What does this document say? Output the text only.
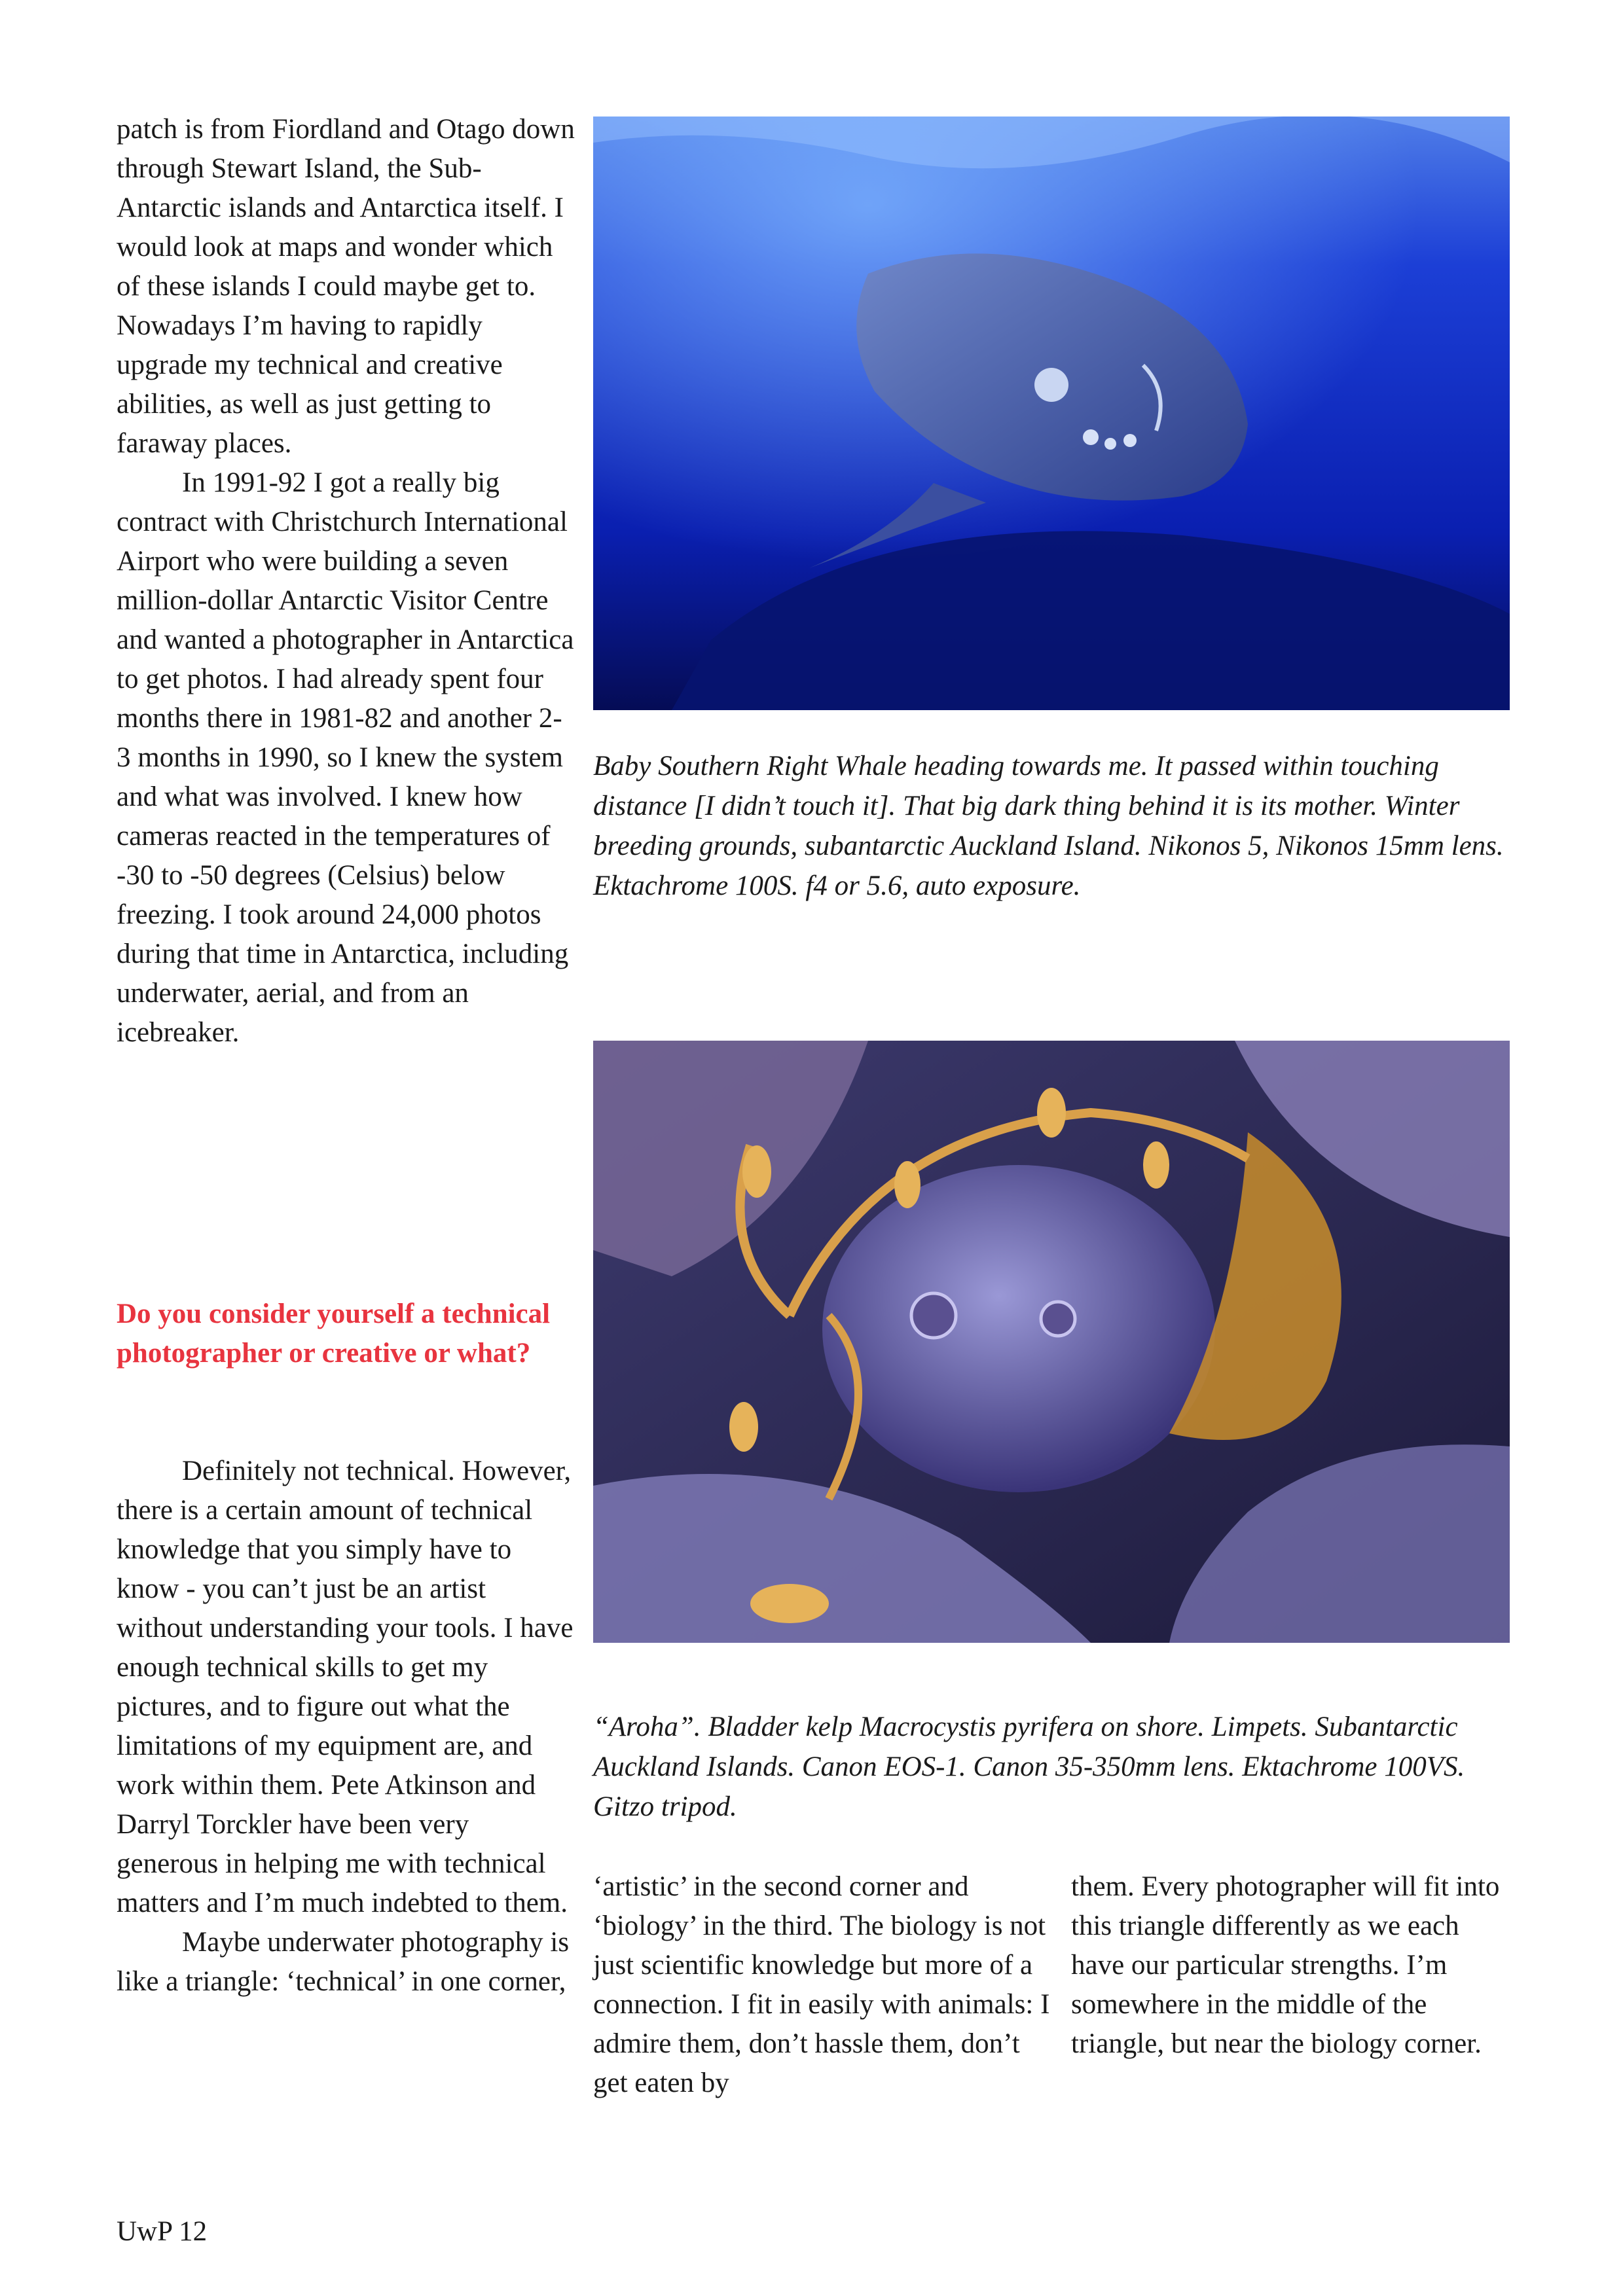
patch is from Fiordland and Otago down through Stewart Island, the Sub-Antarctic islands and Antarctica itself. I would look at maps and wonder which of these islands I could maybe get to. Nowadays I’m having to rapidly upgrade my technical and creative abilities, as well as just getting to faraway places.

In 1991-92 I got a really big contract with Christchurch International Airport who were building a seven million-dollar Antarctic Visitor Centre and wanted a photographer in Antarctica to get photos. I had already spent four months there in 1981-82 and another 2-3 months in 1990, so I knew the system and what was involved. I knew how cameras reacted in the temperatures of -30 to -50 degrees (Celsius) below freezing. I took around 24,000 photos during that time in Antarctica, including underwater, aerial, and from an icebreaker.

Do you consider yourself a technical photographer or creative or what?

Definitely not technical. However, there is a certain amount of technical knowledge that you simply have to know - you can’t just be an artist without understanding your tools. I have enough technical skills to get my pictures, and to figure out what the limitations of my equipment are, and work within them. Pete Atkinson and Darryl Torckler have been very generous in helping me with technical matters and I’m much indebted to them.

Maybe underwater photography is like a triangle: ‘technical’ in one corner,

Baby Southern Right Whale heading towards me. It passed within touching distance [I didn’t touch it]. That big dark thing behind it is its mother. Winter breeding grounds, subantarctic Auckland Island. Nikonos 5, Nikonos 15mm lens. Ektachrome 100S. f4 or 5.6, auto exposure.

“Aroha”. Bladder kelp Macrocystis pyrifera on shore. Limpets. Subantarctic Auckland Islands. Canon EOS-1. Canon 35-350mm lens. Ektachrome 100VS. Gitzo tripod.

‘artistic’ in the second corner and ‘biology’ in the third. The biology is not just scientific knowledge but more of a connection. I fit in easily with animals: I admire them, don’t hassle them, don’t get eaten by

them. Every photographer will fit into this triangle differently as we each have our particular strengths. I’m somewhere in the middle of the triangle, but near the biology corner.

UwP 12
